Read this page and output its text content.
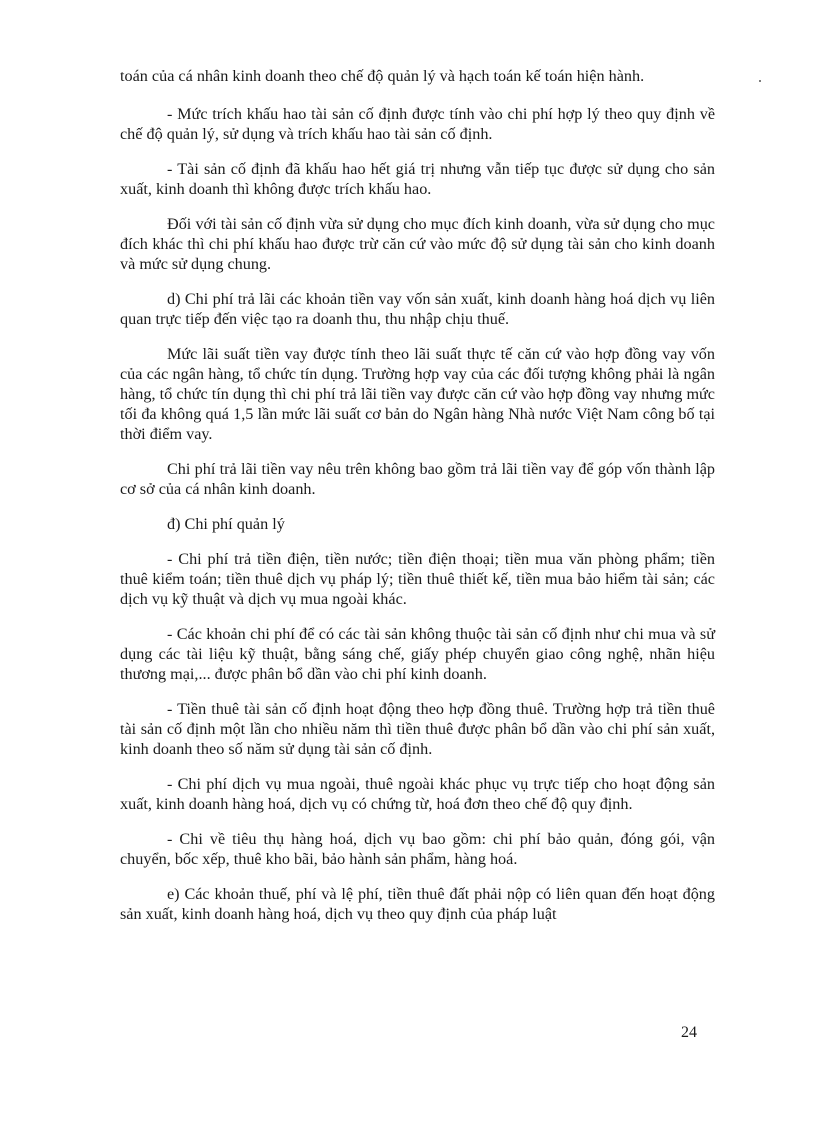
toán của cá nhân kinh doanh theo chế độ quản lý và hạch toán kế toán hiện hành.

- Mức trích khấu hao tài sản cố định được tính vào chi phí hợp lý theo quy định về chế độ quản lý, sử dụng và trích khấu hao tài sản cố định.

- Tài sản cố định đã khấu hao hết giá trị nhưng vẫn tiếp tục được sử dụng cho sản xuất, kinh doanh thì không được trích khấu hao.

Đối với tài sản cố định vừa sử dụng cho mục đích kinh doanh, vừa sử dụng cho mục đích khác thì chi phí khấu hao được trừ căn cứ vào mức độ sử dụng tài sản cho kinh doanh và mức sử dụng chung.

d) Chi phí trả lãi các khoản tiền vay vốn sản xuất, kinh doanh hàng hoá dịch vụ liên quan trực tiếp đến việc tạo ra doanh thu, thu nhập chịu thuế.

Mức lãi suất tiền vay được tính theo lãi suất thực tế căn cứ vào hợp đồng vay vốn của các ngân hàng, tổ chức tín dụng. Trường hợp vay của các đối tượng không phải là ngân hàng, tổ chức tín dụng thì chi phí trả lãi tiền vay được căn cứ vào hợp đồng vay nhưng mức tối đa không quá 1,5 lần mức lãi suất cơ bản do Ngân hàng Nhà nước Việt Nam công bố tại thời điểm vay.

Chi phí trả lãi tiền vay nêu trên không bao gồm trả lãi tiền vay để góp vốn thành lập cơ sở của cá nhân kinh doanh.

đ) Chi phí quản lý

- Chi phí trả tiền điện, tiền nước; tiền điện thoại; tiền mua văn phòng phẩm; tiền thuê kiểm toán; tiền thuê dịch vụ pháp lý; tiền thuê thiết kế, tiền mua bảo hiểm tài sản; các dịch vụ kỹ thuật và dịch vụ mua ngoài khác.

- Các khoản chi phí để có các tài sản không thuộc tài sản cố định như chi mua và sử dụng các tài liệu kỹ thuật, bằng sáng chế, giấy phép chuyển giao công nghệ, nhãn hiệu thương mại,... được phân bổ dần vào chi phí kinh doanh.

- Tiền thuê tài sản cố định hoạt động theo hợp đồng thuê. Trường hợp trả tiền thuê tài sản cố định một lần cho nhiều năm thì tiền thuê được phân bổ dần vào chi phí sản xuất, kinh doanh theo số năm sử dụng tài sản cố định.

- Chi phí dịch vụ mua ngoài, thuê ngoài khác phục vụ trực tiếp cho hoạt động sản xuất, kinh doanh hàng hoá, dịch vụ có chứng từ, hoá đơn theo chế độ quy định.

- Chi về tiêu thụ hàng hoá, dịch vụ bao gồm: chi phí bảo quản, đóng gói, vận chuyển, bốc xếp, thuê kho bãi, bảo hành sản phẩm, hàng hoá.

e) Các khoản thuế, phí và lệ phí, tiền thuê đất phải nộp có liên quan đến hoạt động sản xuất, kinh doanh hàng hoá, dịch vụ theo quy định của pháp luật

24
